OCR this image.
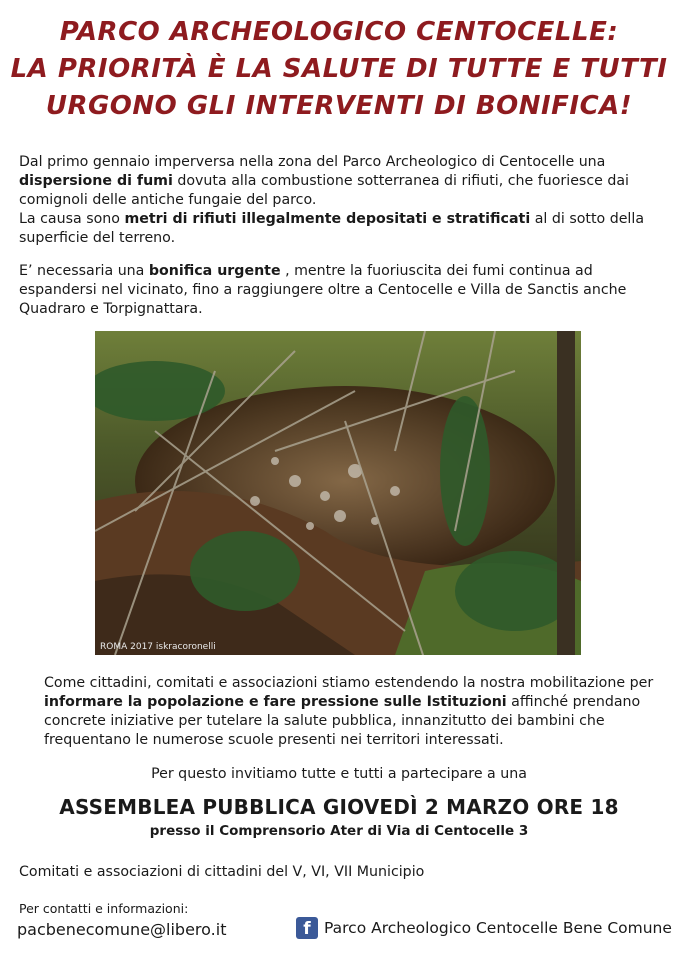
PARCO ARCHEOLOGICO CENTOCELLE:
LA PRIORITÀ È LA SALUTE DI TUTTE E TUTTI
URGONO GLI INTERVENTI DI BONIFICA!
Dal primo gennaio imperversa nella zona del Parco Archeologico di Centocelle una dispersione di fumi dovuta alla combustione sotterranea di rifiuti, che fuoriesce dai comignoli delle antiche fungaie del parco.
La causa sono metri di rifiuti illegalmente depositati e stratificati al di sotto della superficie del terreno.
E’ necessaria una bonifica urgente , mentre la fuoriuscita dei fumi continua ad espandersi nel vicinato, fino a raggiungere oltre a Centocelle e Villa de Sanctis anche Quadraro e Torpignattara.
ROMA 2017 iskracoronelli
Come cittadini, comitati e associazioni stiamo estendendo la nostra mobilitazione per informare la popolazione e fare pressione sulle Istituzioni affinché prendano concrete iniziative per tutelare la salute pubblica, innanzitutto dei bambini che frequentano le numerose scuole presenti nei territori interessati.
Per questo invitiamo tutte e tutti a partecipare a una
ASSEMBLEA PUBBLICA GIOVEDÌ 2 MARZO ORE 18
presso il Comprensorio Ater di Via di Centocelle 3
Comitati e associazioni di cittadini del V, VI, VII Municipio
Per contatti e informazioni:
pacbenecomune@libero.it	f Parco Archeologico Centocelle Bene Comune
